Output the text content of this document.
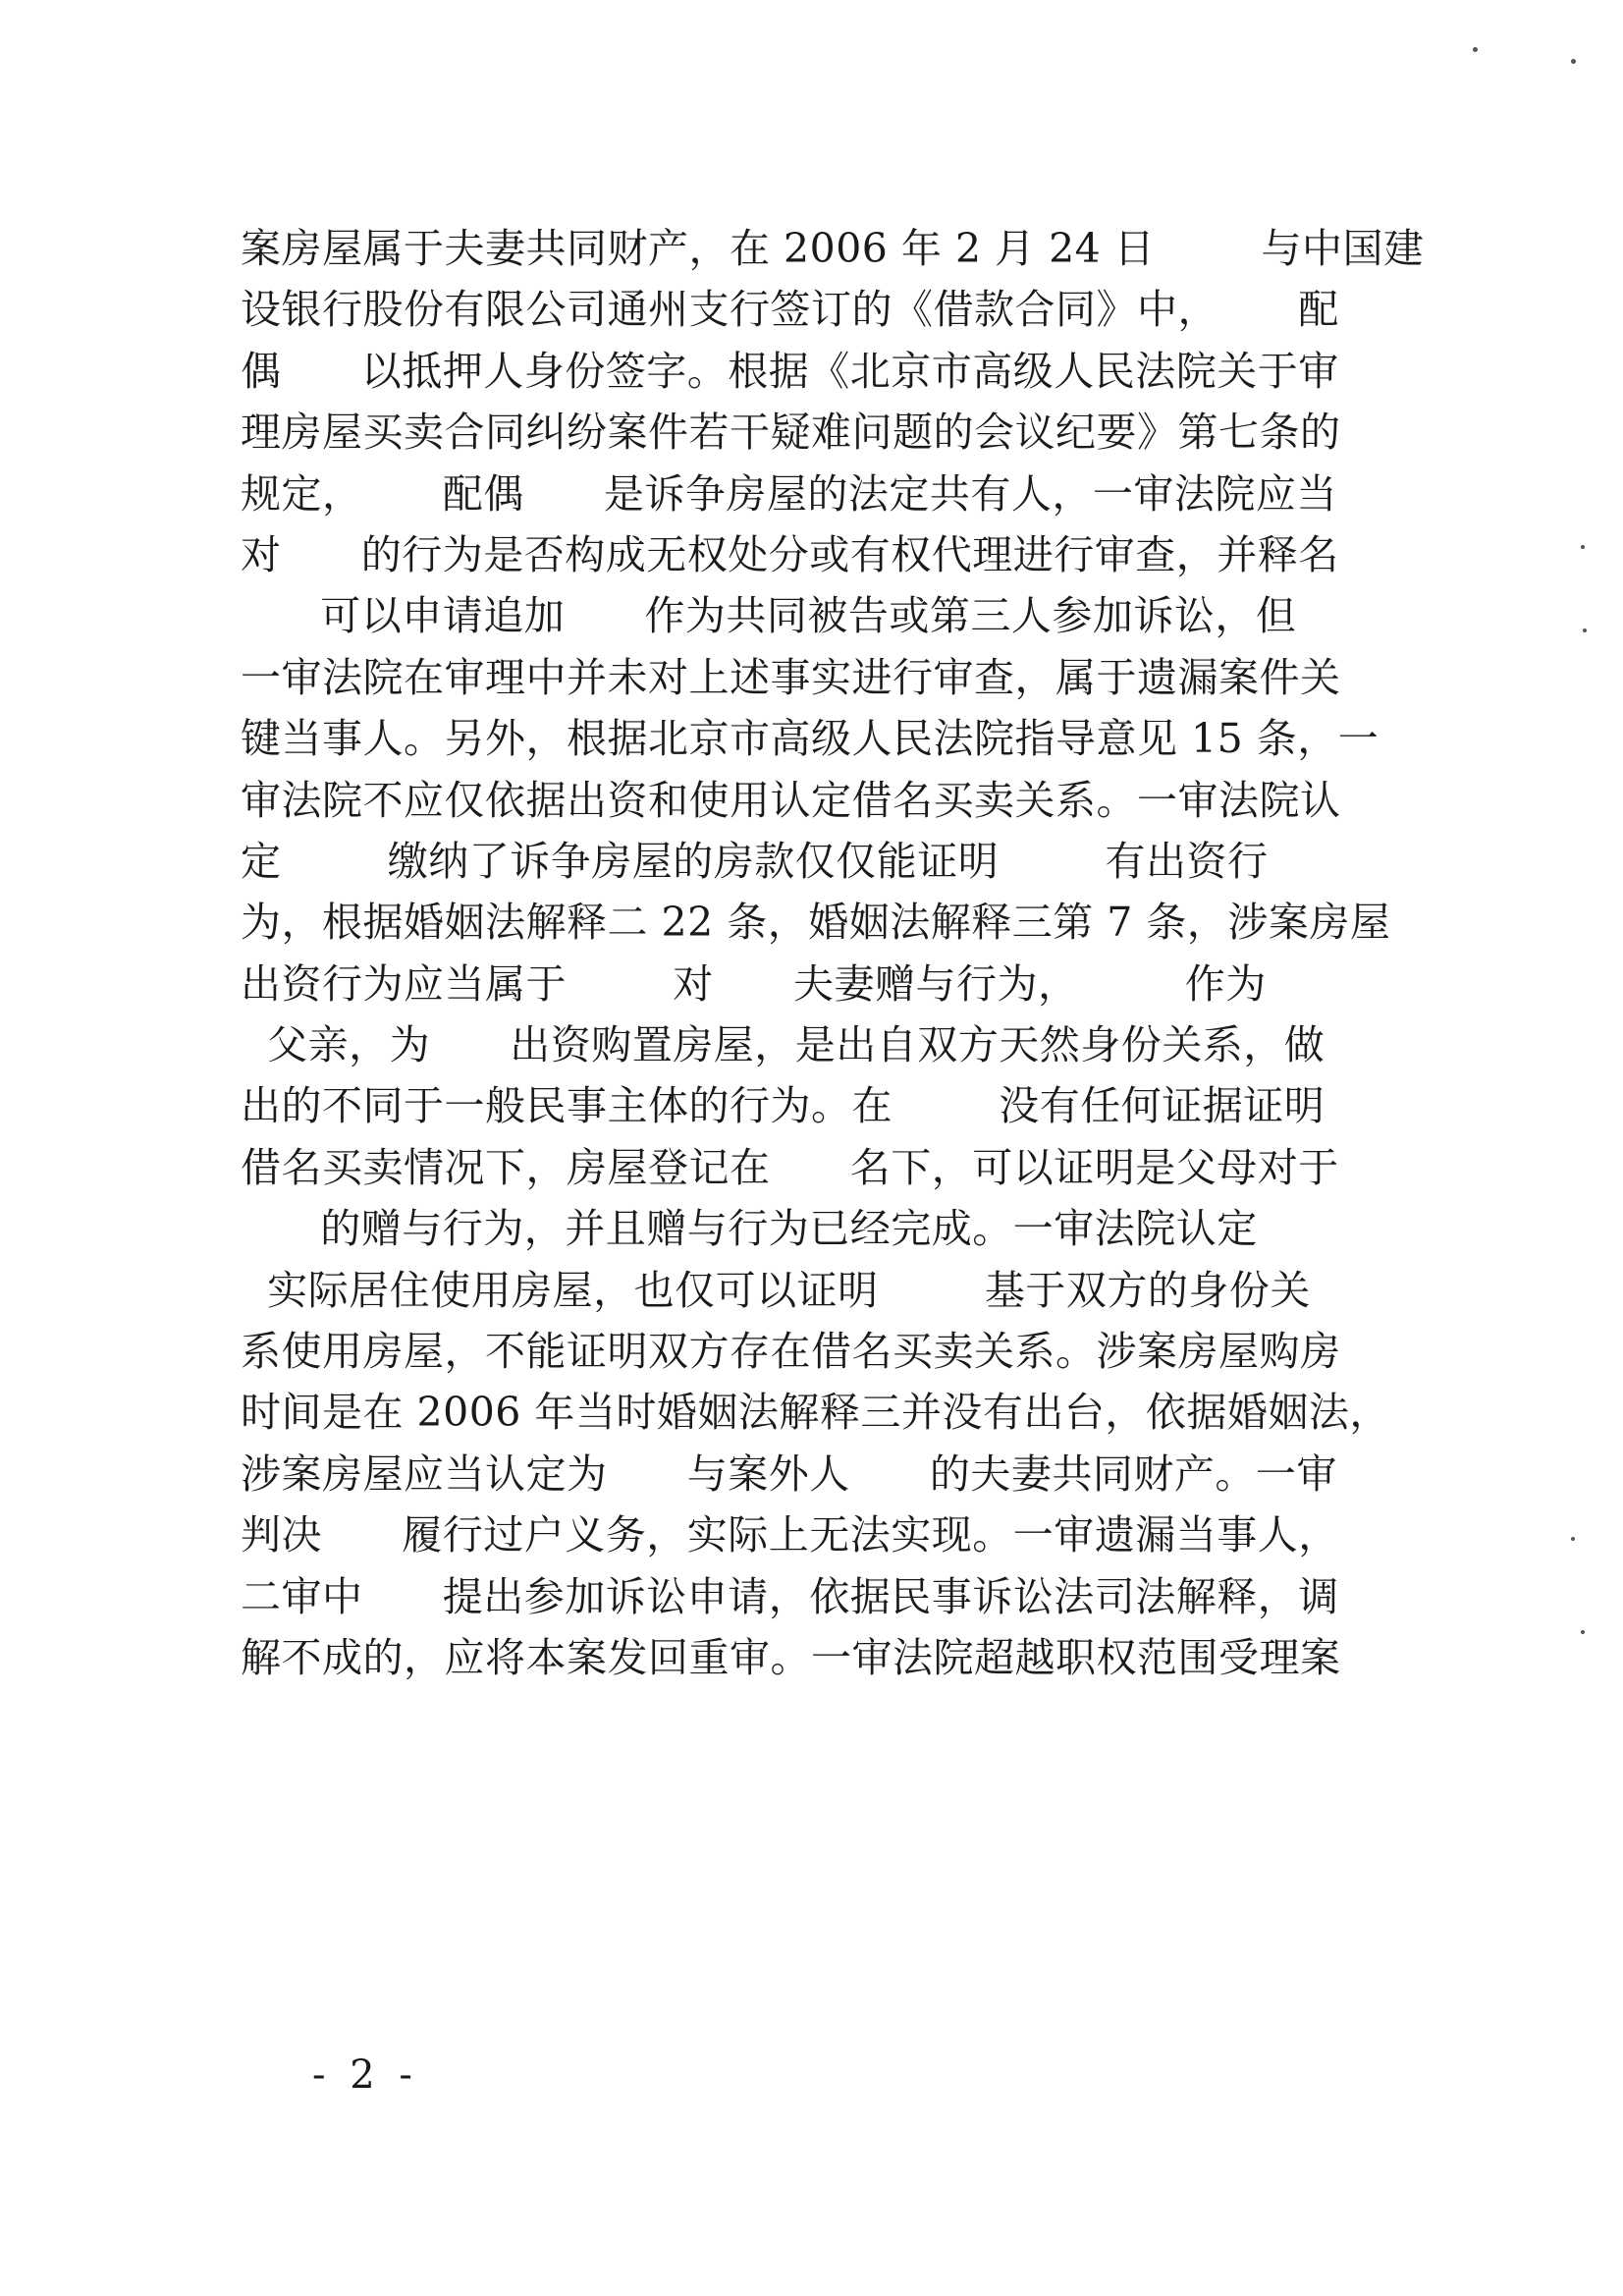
案房屋属于夫妻共同财产，在 2006 年 2 月 24 日        与中国建
设银行股份有限公司通州支行签订的《借款合同》中，      配
偶      以抵押人身份签字。根据《北京市高级人民法院关于审
理房屋买卖合同纠纷案件若干疑难问题的会议纪要》第七条的
规定，      配偶      是诉争房屋的法定共有人，一审法院应当
对      的行为是否构成无权处分或有权代理进行审查，并释名
可以申请追加      作为共同被告或第三人参加诉讼，但
一审法院在审理中并未对上述事实进行审查，属于遗漏案件关
键当事人。另外，根据北京市高级人民法院指导意见 15 条，一
审法院不应仅依据出资和使用认定借名买卖关系。一审法院认
定        缴纳了诉争房屋的房款仅仅能证明        有出资行
为，根据婚姻法解释二 22 条，婚姻法解释三第 7 条，涉案房屋
出资行为应当属于        对      夫妻赠与行为，        作为
父亲，为      出资购置房屋，是出自双方天然身份关系，做
出的不同于一般民事主体的行为。在        没有任何证据证明
借名买卖情况下，房屋登记在      名下，可以证明是父母对于
的赠与行为，并且赠与行为已经完成。一审法院认定
实际居住使用房屋，也仅可以证明        基于双方的身份关
系使用房屋，不能证明双方存在借名买卖关系。涉案房屋购房
时间是在 2006 年当时婚姻法解释三并没有出台，依据婚姻法，
涉案房屋应当认定为      与案外人      的夫妻共同财产。一审
判决      履行过户义务，实际上无法实现。一审遗漏当事人，
二审中      提出参加诉讼申请，依据民事诉讼法司法解释，调
解不成的，应将本案发回重审。一审法院超越职权范围受理案
- 2 -
